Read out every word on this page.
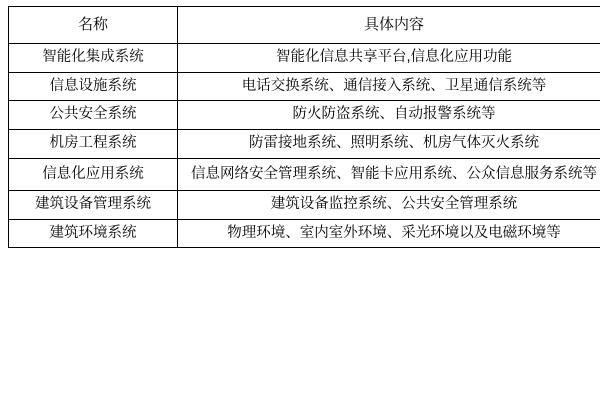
名称	具体内容

智能化集成系统	智能化信息共享平台,信息化应用功能

信息设施系统	电话交换系统、通信接入系统、卫星通信系统等

公共安全系统	防火防盗系统、自动报警系统等

机房工程系统	防雷接地系统、照明系统、机房气体灭火系统

信息化应用系统	信息网络安全管理系统、智能卡应用系统、公众信息服务系统等

建筑设备管理系统	建筑设备监控系统、公共安全管理系统

建筑环境系统	物理环境、室内室外环境、采光环境以及电磁环境等
